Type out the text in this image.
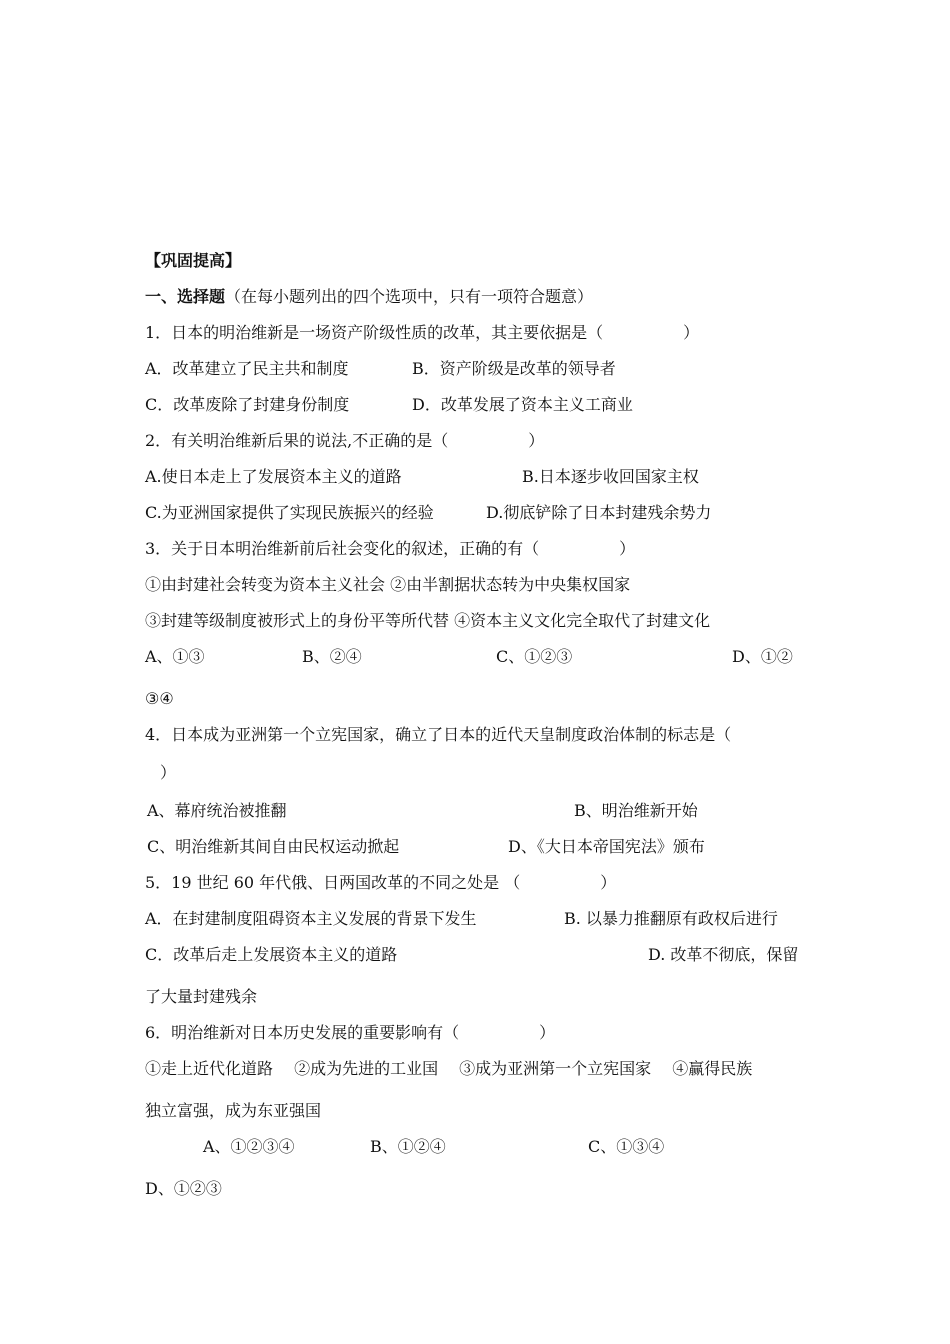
【巩固提高】
一、选择题（在每小题列出的四个选项中，只有一项符合题意）
1．日本的明治维新是一场资产阶级性质的改革，其主要依据是（　　　　　）
A．改革建立了民主共和制度	B．资产阶级是改革的领导者
C．改革废除了封建身份制度	D．改革发展了资本主义工商业
2．有关明治维新后果的说法,不正确的是（　　　　　）
A.使日本走上了发展资本主义的道路	B.日本逐步收回国家主权
C.为亚洲国家提供了实现民族振兴的经验	D.彻底铲除了日本封建残余势力
3．关于日本明治维新前后社会变化的叙述，正确的有（　　　　　）
①由封建社会转变为资本主义社会 ②由半割据状态转为中央集权国家
③封建等级制度被形式上的身份平等所代替 ④资本主义文化完全取代了封建文化
A、①③	B、②④	C、①②③	D、①②
③④
4．日本成为亚洲第一个立宪国家，确立了日本的近代天皇制度政治体制的标志是（
）
A、幕府统治被推翻	B、明治维新开始
C、明治维新其间自由民权运动掀起	D、《大日本帝国宪法》颁布
5．19 世纪 60 年代俄、日两国改革的不同之处是 （　　　　　）
A．在封建制度阻碍资本主义发展的背景下发生	B. 以暴力推翻原有政权后进行
C．改革后走上发展资本主义的道路	D. 改革不彻底，保留
了大量封建残余
6．明治维新对日本历史发展的重要影响有（　　　　　）
①走上近代化道路　 ②成为先进的工业国　 ③成为亚洲第一个立宪国家　 ④赢得民族
独立富强，成为东亚强国
A、①②③④	B、①②④	C、①③④
D、①②③
